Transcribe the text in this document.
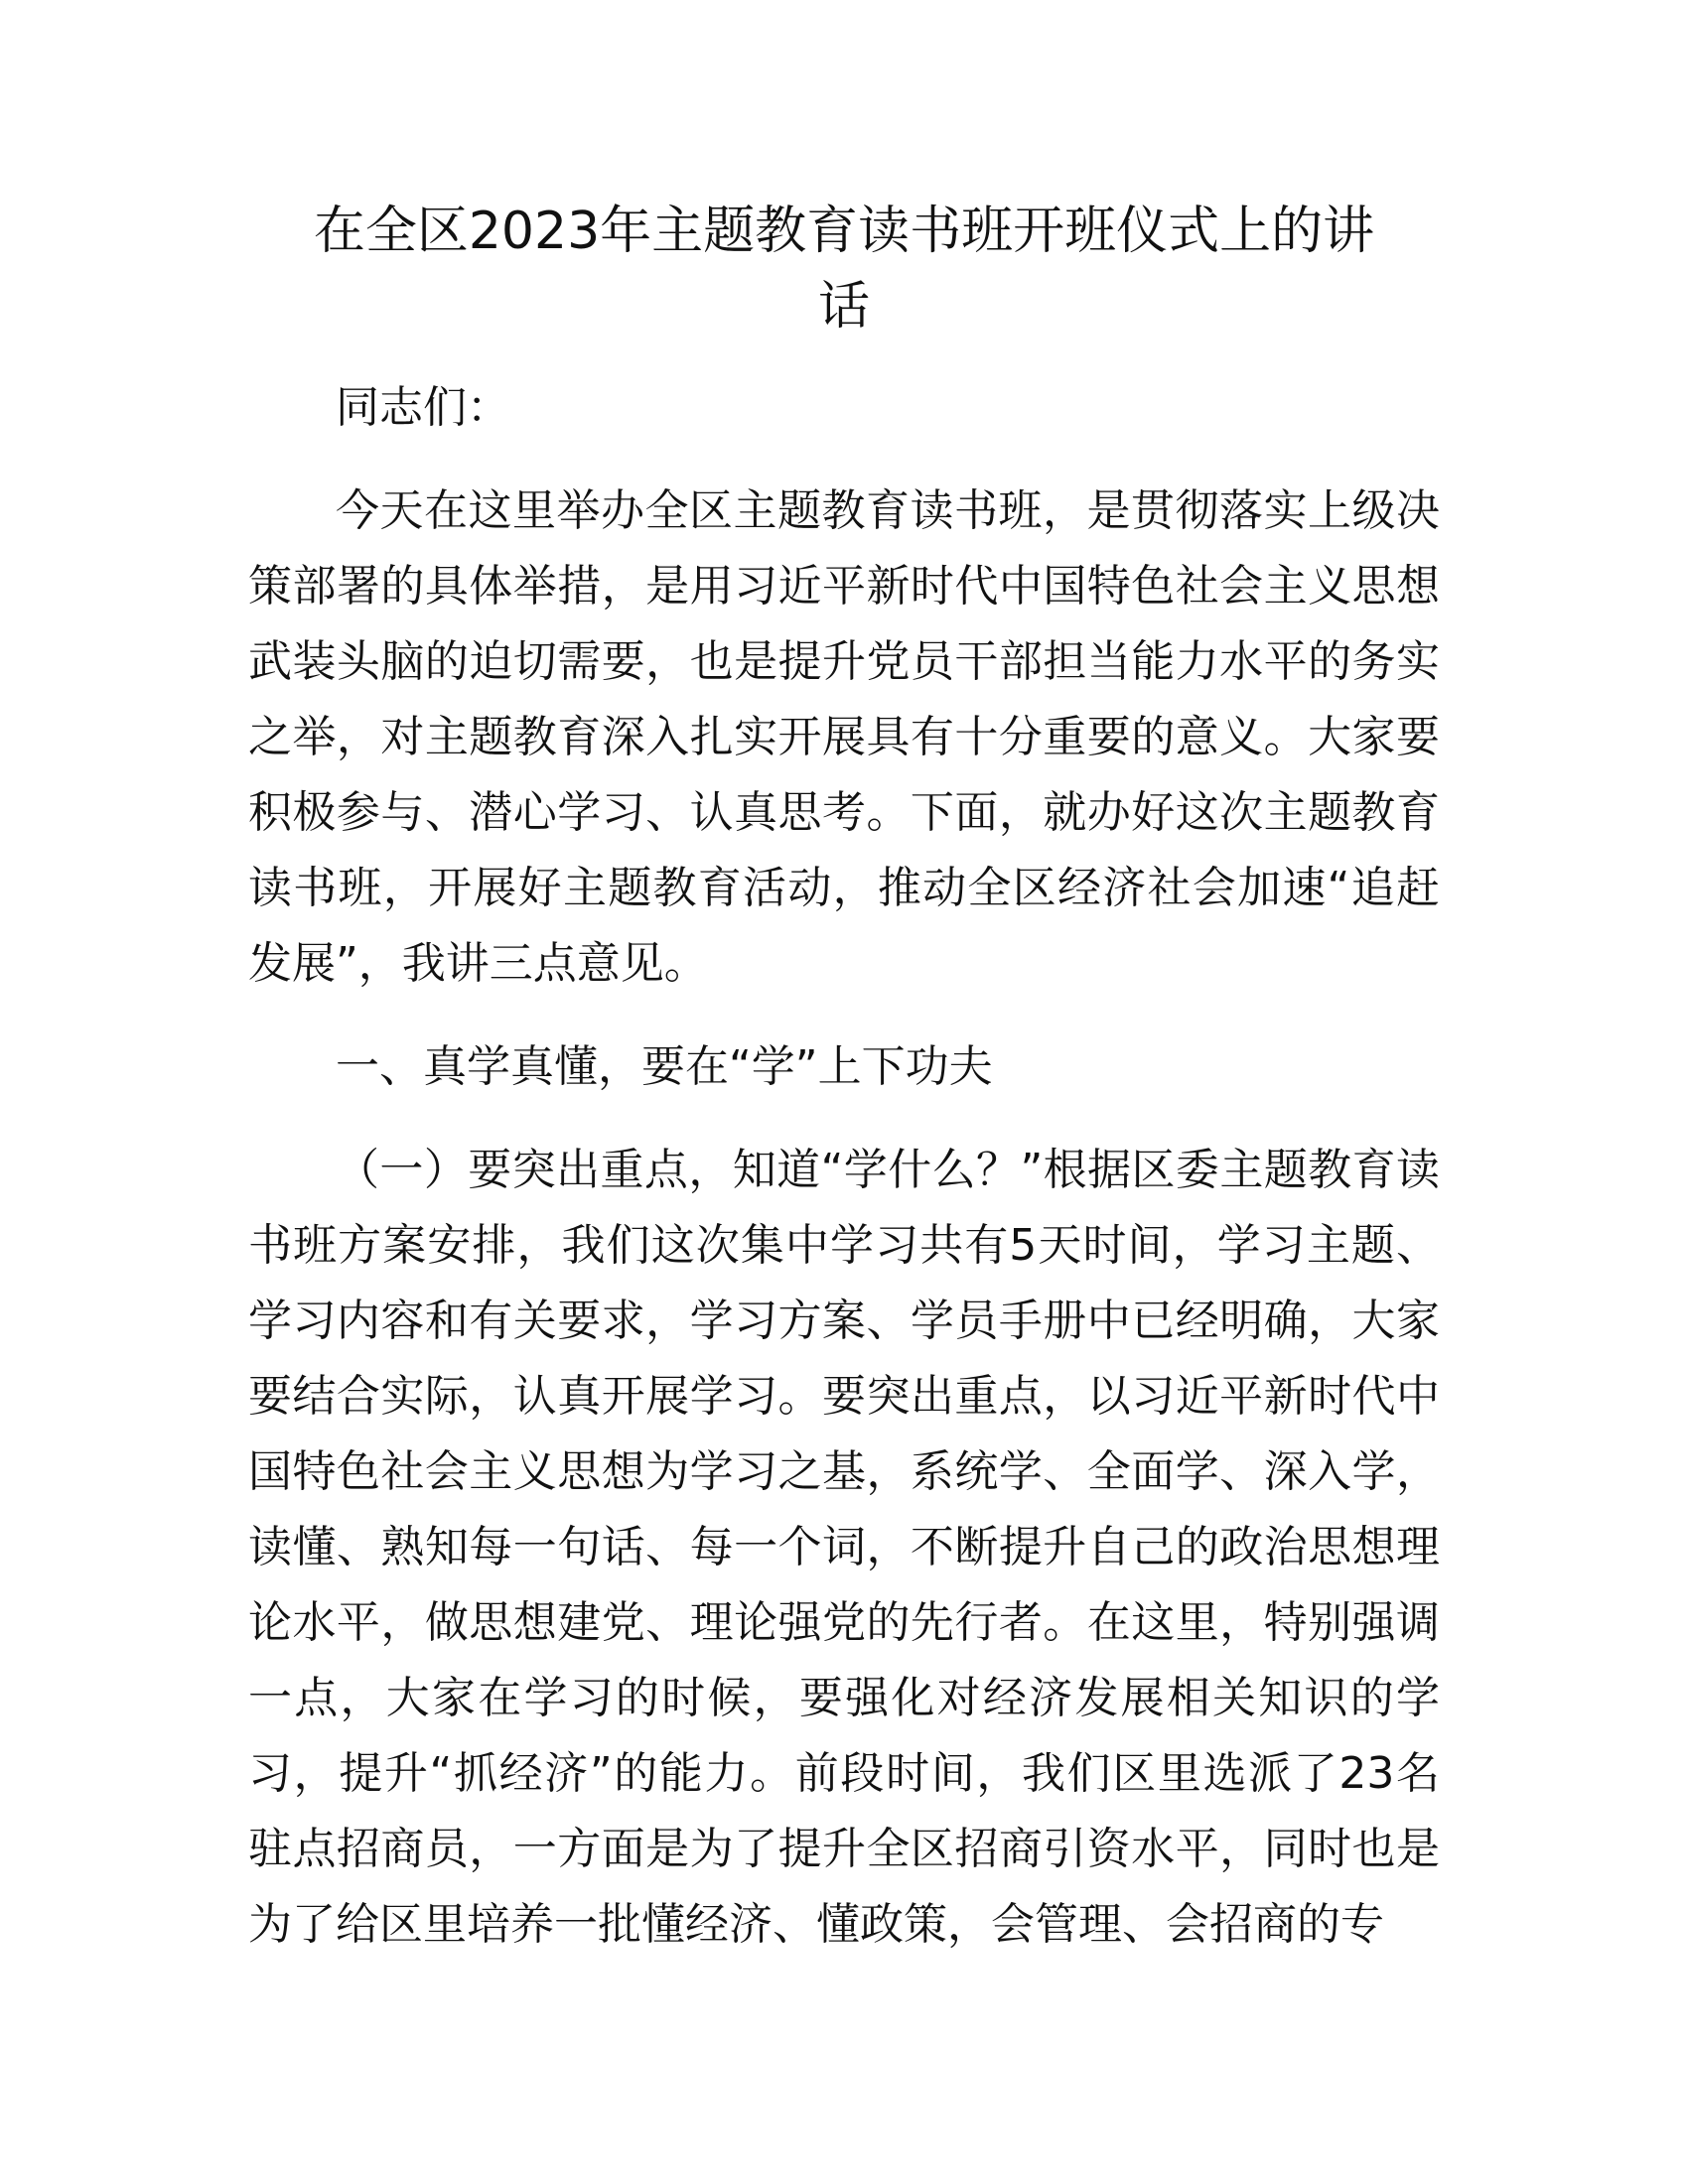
在全区2023年主题教育读书班开班仪式上的讲
话

同志们：

今天在这里举办全区主题教育读书班，是贯彻落实上级决策部署的具体举措，是用习近平新时代中国特色社会主义思想武装头脑的迫切需要，也是提升党员干部担当能力水平的务实之举，对主题教育深入扎实开展具有十分重要的意义。大家要积极参与、潜心学习、认真思考。下面，就办好这次主题教育读书班，开展好主题教育活动，推动全区经济社会加速“追赶发展”，我讲三点意见。

一、真学真懂，要在“学”上下功夫

（一）要突出重点，知道“学什么？”根据区委主题教育读书班方案安排，我们这次集中学习共有5天时间，学习主题、学习内容和有关要求，学习方案、学员手册中已经明确，大家要结合实际，认真开展学习。要突出重点，以习近平新时代中国特色社会主义思想为学习之基，系统学、全面学、深入学，读懂、熟知每一句话、每一个词，不断提升自己的政治思想理论水平，做思想建党、理论强党的先行者。在这里，特别强调一点，大家在学习的时候，要强化对经济发展相关知识的学习，提升“抓经济”的能力。前段时间，我们区里选派了23名驻点招商员，一方面是为了提升全区招商引资水平，同时也是为了给区里培养一批懂经济、懂政策，会管理、会招商的专
